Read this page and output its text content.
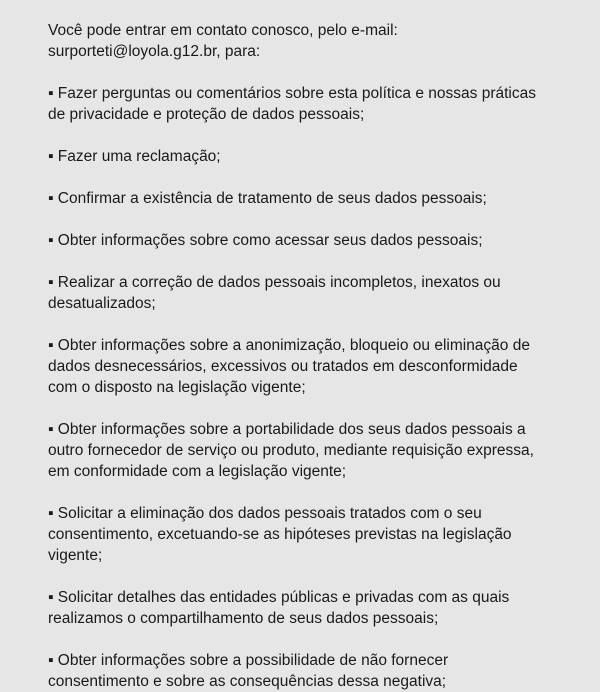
Você pode entrar em contato conosco, pelo e-mail: surporteti@loyola.g12.br, para:

▪ Fazer perguntas ou comentários sobre esta política e nossas práticas de privacidade e proteção de dados pessoais;

▪ Fazer uma reclamação;

▪ Confirmar a existência de tratamento de seus dados pessoais;

▪ Obter informações sobre como acessar seus dados pessoais;

▪ Realizar a correção de dados pessoais incompletos, inexatos ou desatualizados;

▪ Obter informações sobre a anonimização, bloqueio ou eliminação de dados desnecessários, excessivos ou tratados em desconformidade com o disposto na legislação vigente;

▪ Obter informações sobre a portabilidade dos seus dados pessoais a outro fornecedor de serviço ou produto, mediante requisição expressa, em conformidade com a legislação vigente;

▪ Solicitar a eliminação dos dados pessoais tratados com o seu consentimento, excetuando-se as hipóteses previstas na legislação vigente;

▪ Solicitar detalhes das entidades públicas e privadas com as quais realizamos o compartilhamento de seus dados pessoais;

▪ Obter informações sobre a possibilidade de não fornecer consentimento e sobre as consequências dessa negativa;
